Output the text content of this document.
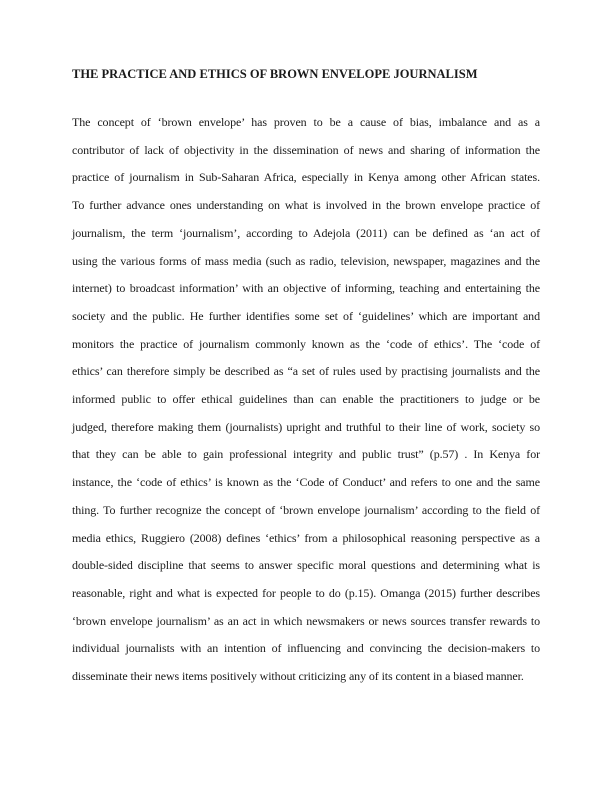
THE PRACTICE AND ETHICS OF BROWN ENVELOPE JOURNALISM
The concept of ‘brown envelope’ has proven to be a cause of bias, imbalance and as a
contributor of lack of objectivity in the dissemination of news and sharing of information the
practice of journalism in Sub-Saharan Africa, especially in Kenya among other African states.
To further advance ones understanding on what is involved in the brown envelope practice of
journalism, the term ‘journalism’, according to Adejola (2011) can be defined as ‘an act of
using the various forms of mass media (such as radio, television, newspaper, magazines and the
internet) to broadcast information’ with an objective of informing, teaching and entertaining the
society and the public. He further identifies some set of ‘guidelines’ which are important and
monitors the practice of journalism commonly known as the ‘code of ethics’. The ‘code of
ethics’ can therefore simply be described as “a set of rules used by practising journalists and the
informed public to offer ethical guidelines than can enable the practitioners to judge or be
judged, therefore making them (journalists) upright and truthful to their line of work, society so
that they can be able to gain professional integrity and public trust” (p.57) . In Kenya for
instance, the ‘code of ethics’ is known as the ‘Code of Conduct’ and refers to one and the same
thing. To further recognize the concept of ‘brown envelope journalism’ according to the field of
media ethics, Ruggiero (2008) defines ‘ethics’ from a philosophical reasoning perspective as a
double-sided discipline that seems to answer specific moral questions and determining what is
reasonable, right and what is expected for people to do (p.15). Omanga (2015) further describes
‘brown envelope journalism’ as an act in which newsmakers or news sources transfer rewards to
individual journalists with an intention of influencing and convincing the decision-makers to
disseminate their news items positively without criticizing any of its content in a biased manner.
